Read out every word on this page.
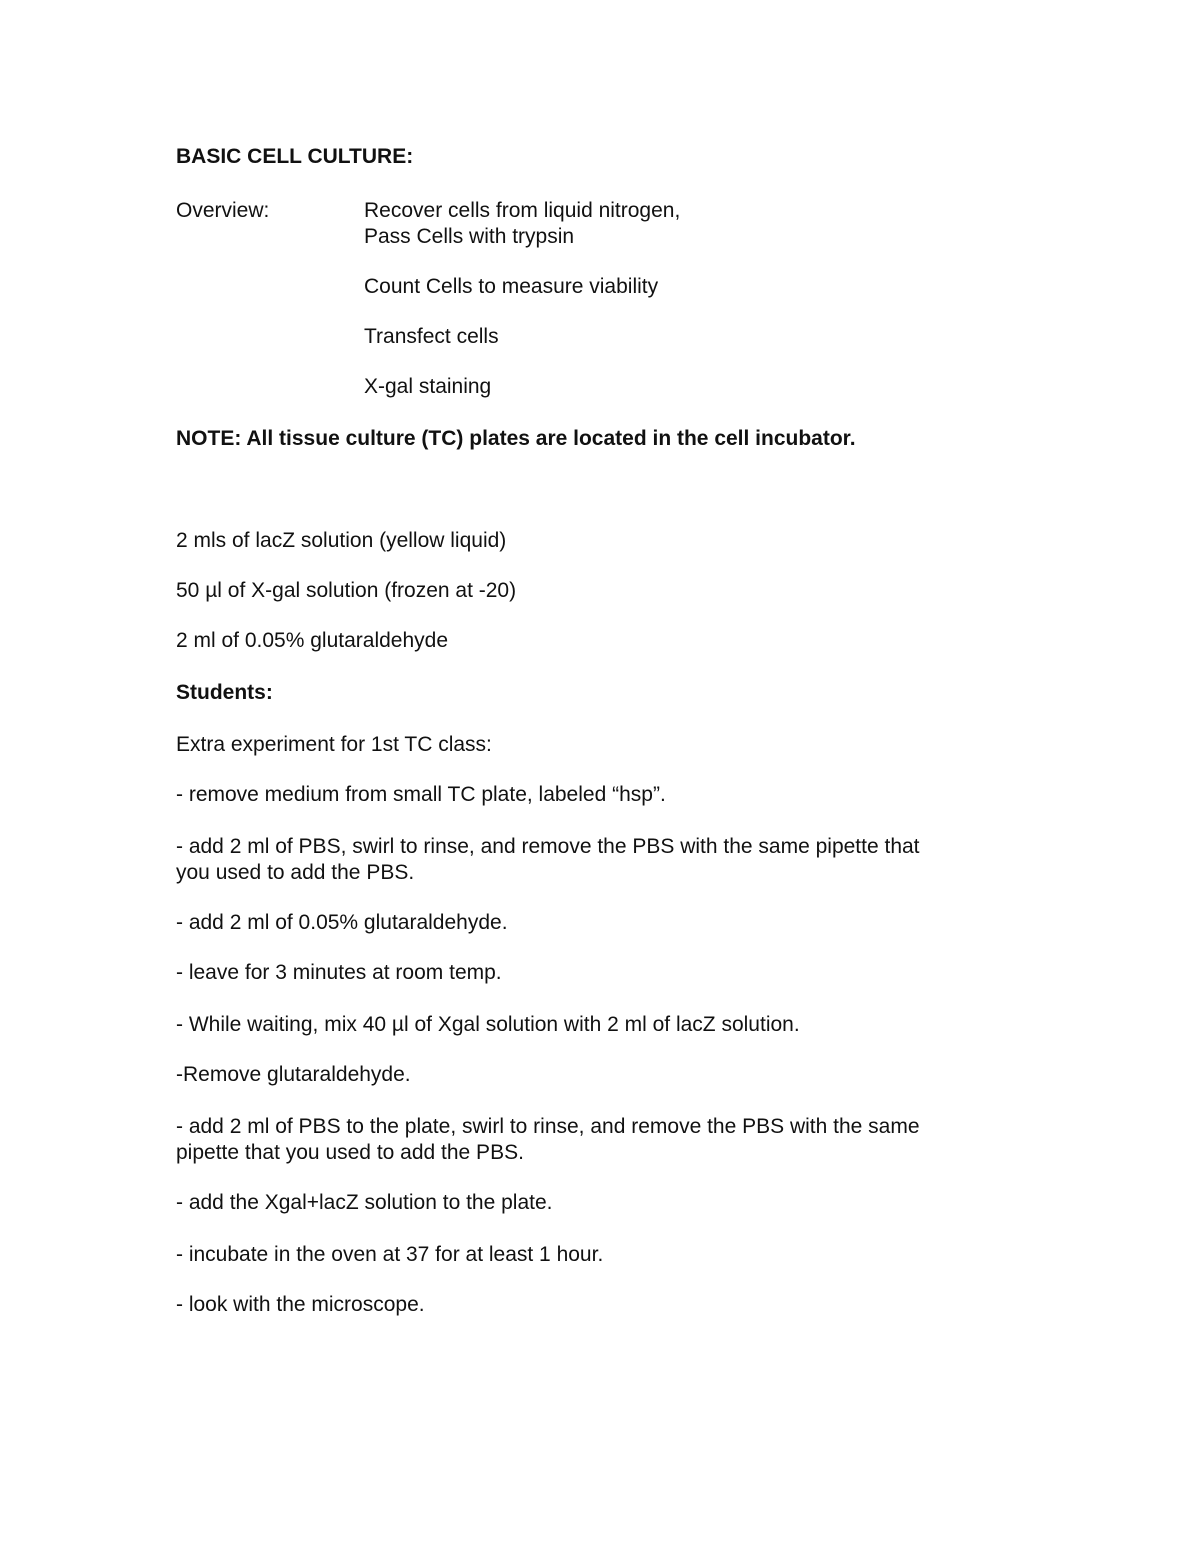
BASIC CELL CULTURE:
Overview:	Recover cells from liquid nitrogen,
Pass Cells with trypsin
Count Cells to measure viability
Transfect cells
X-gal staining
NOTE: All tissue culture (TC) plates are located in the cell incubator.
2 mls of lacZ solution (yellow liquid)
50 µl of X-gal solution (frozen at -20)
2 ml of 0.05% glutaraldehyde
Students:
Extra experiment for 1st TC class:
- remove medium from small TC plate, labeled “hsp”.
- add 2 ml of PBS, swirl to rinse, and remove the PBS with the same pipette that
you used to add the PBS.
- add 2 ml of 0.05% glutaraldehyde.
- leave for 3 minutes at room temp.
- While waiting, mix 40 µl of Xgal solution with 2 ml of lacZ solution.
-Remove glutaraldehyde.
- add 2 ml of PBS to the plate, swirl to rinse, and remove the PBS with the same
pipette that you used to add the PBS.
- add the Xgal+lacZ solution to the plate.
- incubate in the oven at 37 for at least 1 hour.
- look with the microscope.
